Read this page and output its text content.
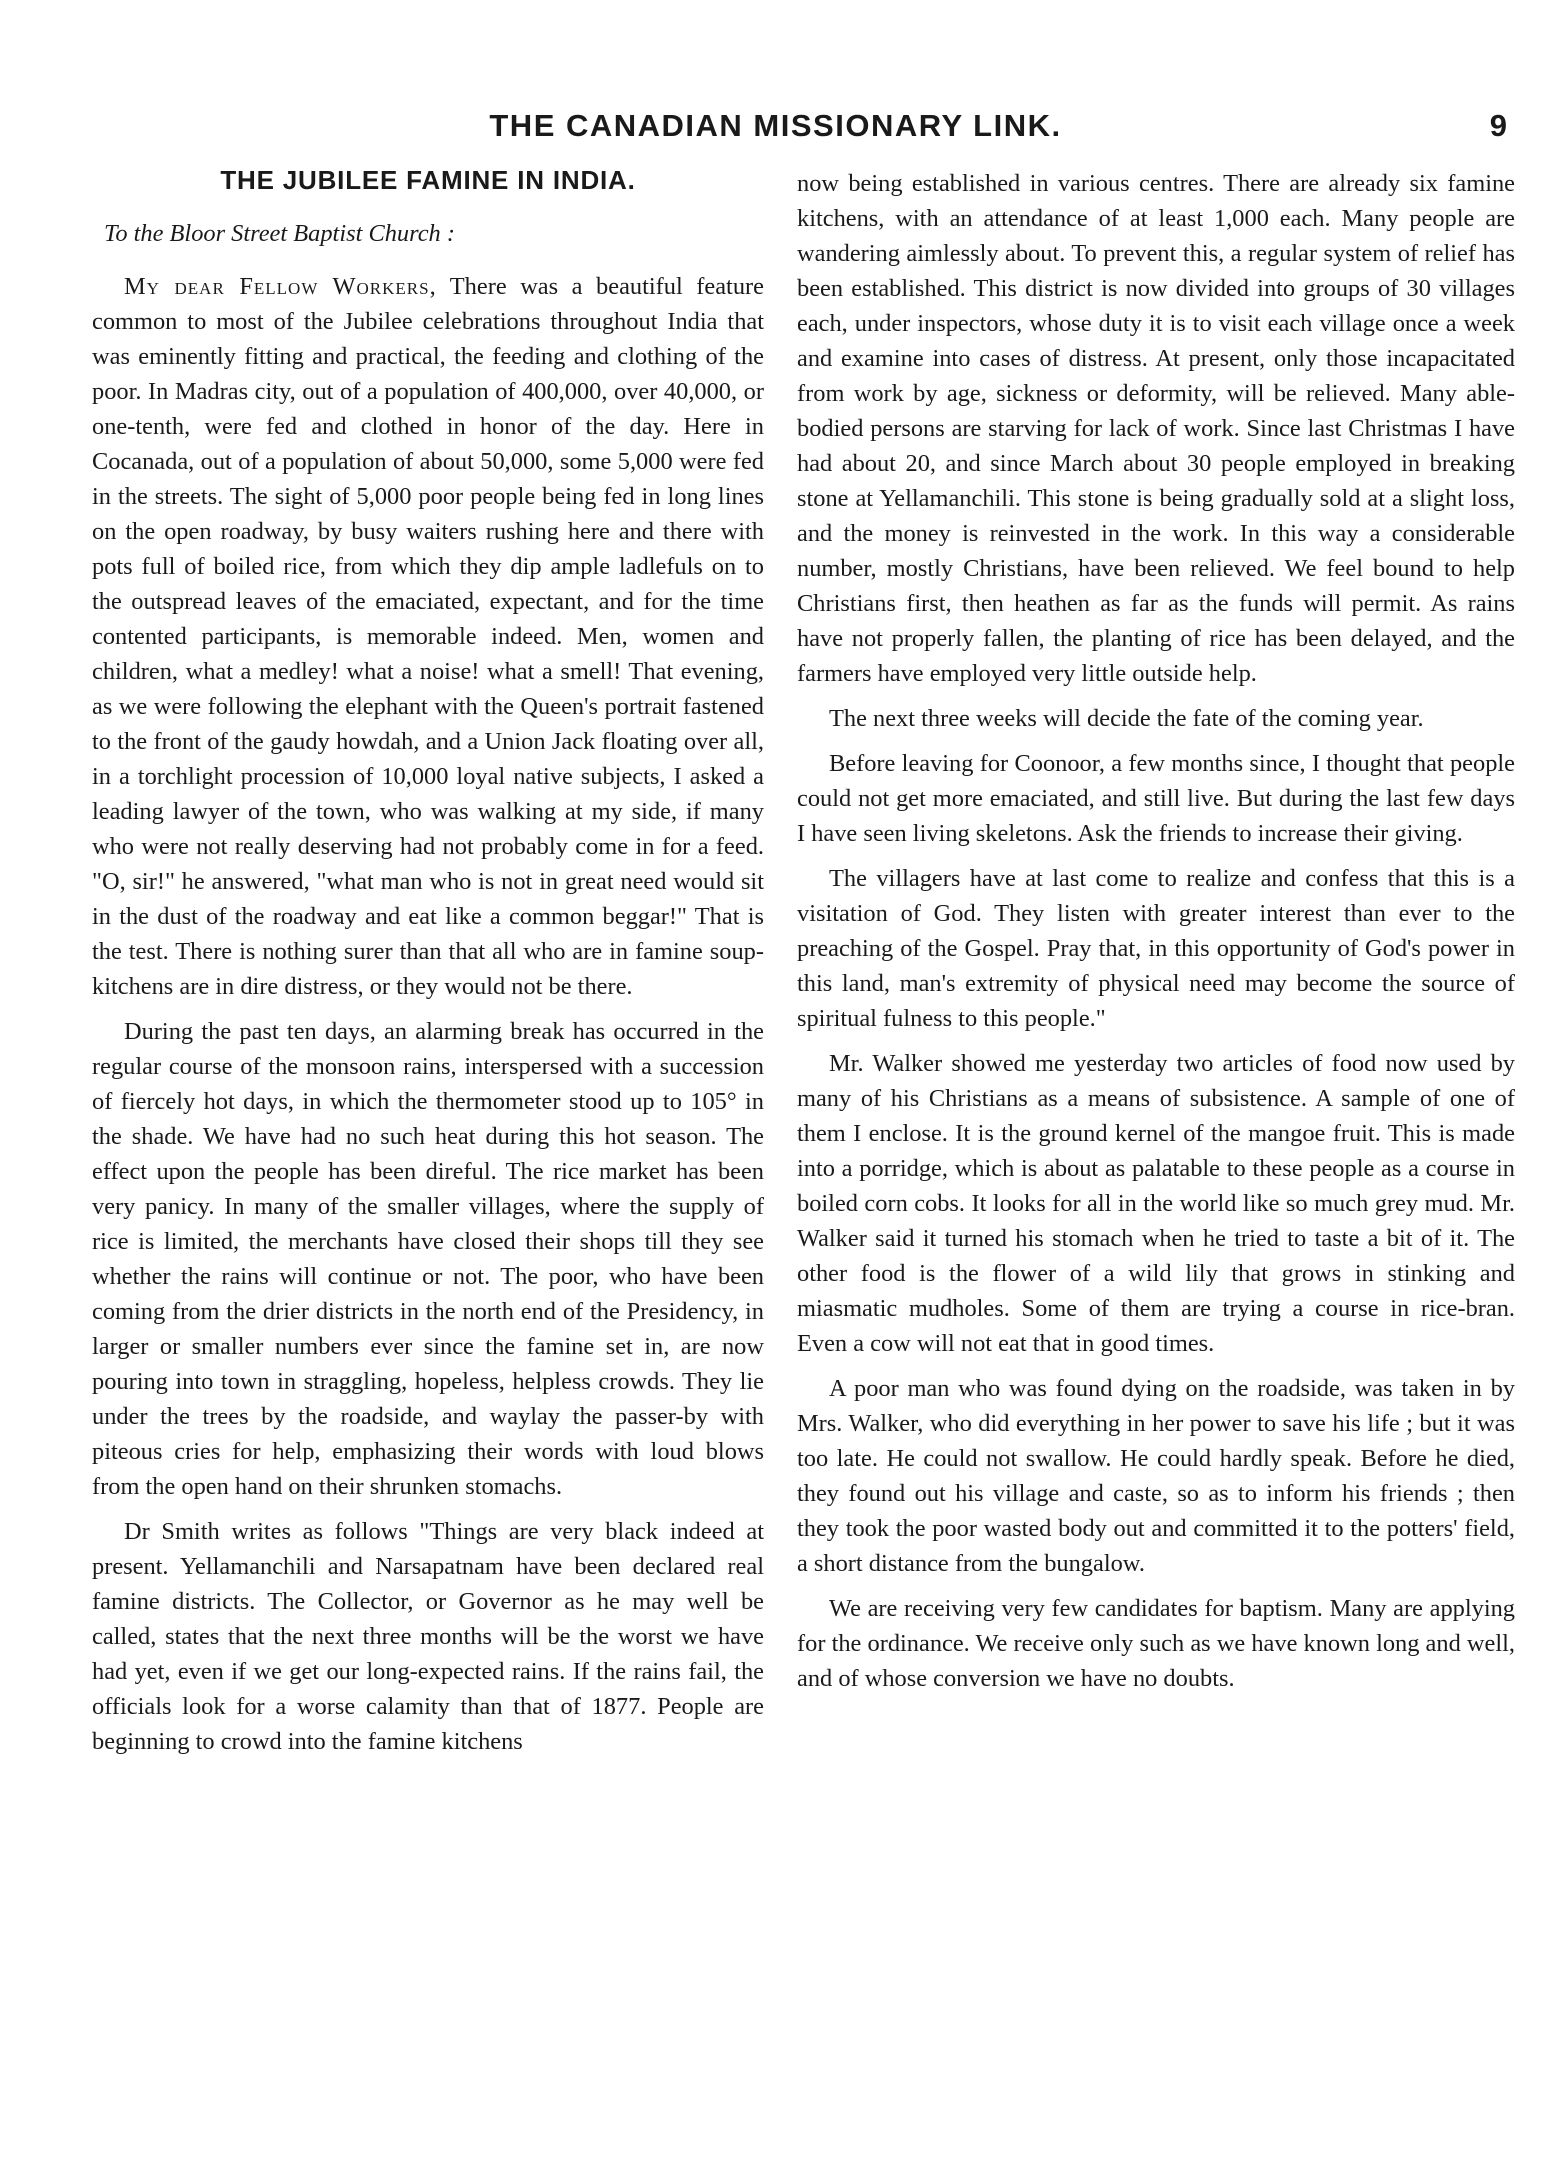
THE CANADIAN MISSIONARY LINK.	9
THE JUBILEE FAMINE IN INDIA.
To the Bloor Street Baptist Church :

My dear Fellow Workers, There was a beautiful feature common to most of the Jubilee celebrations throughout India that was eminently fitting and practical, the feeding and clothing of the poor. In Madras city, out of a population of 400,000, over 40,000, or one-tenth, were fed and clothed in honor of the day. Here in Cocanada, out of a population of about 50,000, some 5,000 were fed in the streets. The sight of 5,000 poor people being fed in long lines on the open roadway, by busy waiters rushing here and there with pots full of boiled rice, from which they dip ample ladlefuls on to the outspread leaves of the emaciated, expectant, and for the time contented participants, is memorable indeed. Men, women and children, what a medley! what a noise! what a smell! That evening, as we were following the elephant with the Queen's portrait fastened to the front of the gaudy howdah, and a Union Jack floating over all, in a torchlight procession of 10,000 loyal native subjects, I asked a leading lawyer of the town, who was walking at my side, if many who were not really deserving had not probably come in for a feed. "O, sir!" he answered, "what man who is not in great need would sit in the dust of the roadway and eat like a common beggar!" That is the test. There is nothing surer than that all who are in famine soup-kitchens are in dire distress, or they would not be there.

During the past ten days, an alarming break has occurred in the regular course of the monsoon rains, interspersed with a succession of fiercely hot days, in which the thermometer stood up to 105° in the shade. We have had no such heat during this hot season. The effect upon the people has been direful. The rice market has been very panicy. In many of the smaller villages, where the supply of rice is limited, the merchants have closed their shops till they see whether the rains will continue or not. The poor, who have been coming from the drier districts in the north end of the Presidency, in larger or smaller numbers ever since the famine set in, are now pouring into town in straggling, hopeless, helpless crowds. They lie under the trees by the roadside, and waylay the passer-by with piteous cries for help, emphasizing their words with loud blows from the open hand on their shrunken stomachs.

Dr Smith writes as follows "Things are very black indeed at present. Yellamanchili and Narsapatnam have been declared real famine districts. The Collector, or Governor as he may well be called, states that the next three months will be the worst we have had yet, even if we get our long-expected rains. If the rains fail, the officials look for a worse calamity than that of 1877. People are beginning to crowd into the famine kitchens

now being established in various centres. There are already six famine kitchens, with an attendance of at least 1,000 each. Many people are wandering aimlessly about. To prevent this, a regular system of relief has been established. This district is now divided into groups of 30 villages each, under inspectors, whose duty it is to visit each village once a week and examine into cases of distress. At present, only those incapacitated from work by age, sickness or deformity, will be relieved. Many able-bodied persons are starving for lack of work. Since last Christmas I have had about 20, and since March about 30 people employed in breaking stone at Yellamanchili. This stone is being gradually sold at a slight loss, and the money is reinvested in the work. In this way a considerable number, mostly Christians, have been relieved. We feel bound to help Christians first, then heathen as far as the funds will permit. As rains have not properly fallen, the planting of rice has been delayed, and the farmers have employed very little outside help.

The next three weeks will decide the fate of the coming year.

Before leaving for Coonoor, a few months since, I thought that people could not get more emaciated, and still live. But during the last few days I have seen living skeletons. Ask the friends to increase their giving.

The villagers have at last come to realize and confess that this is a visitation of God. They listen with greater interest than ever to the preaching of the Gospel. Pray that, in this opportunity of God's power in this land, man's extremity of physical need may become the source of spiritual fulness to this people."

Mr. Walker showed me yesterday two articles of food now used by many of his Christians as a means of subsistence. A sample of one of them I enclose. It is the ground kernel of the mangoe fruit. This is made into a porridge, which is about as palatable to these people as a course in boiled corn cobs. It looks for all in the world like so much grey mud. Mr. Walker said it turned his stomach when he tried to taste a bit of it. The other food is the flower of a wild lily that grows in stinking and miasmatic mudholes. Some of them are trying a course in rice-bran. Even a cow will not eat that in good times.

A poor man who was found dying on the roadside, was taken in by Mrs. Walker, who did everything in her power to save his life ; but it was too late. He could not swallow. He could hardly speak. Before he died, they found out his village and caste, so as to inform his friends ; then they took the poor wasted body out and committed it to the potters' field, a short distance from the bungalow.

We are receiving very few candidates for baptism. Many are applying for the ordinance. We receive only such as we have known long and well, and of whose conversion we have no doubts.
